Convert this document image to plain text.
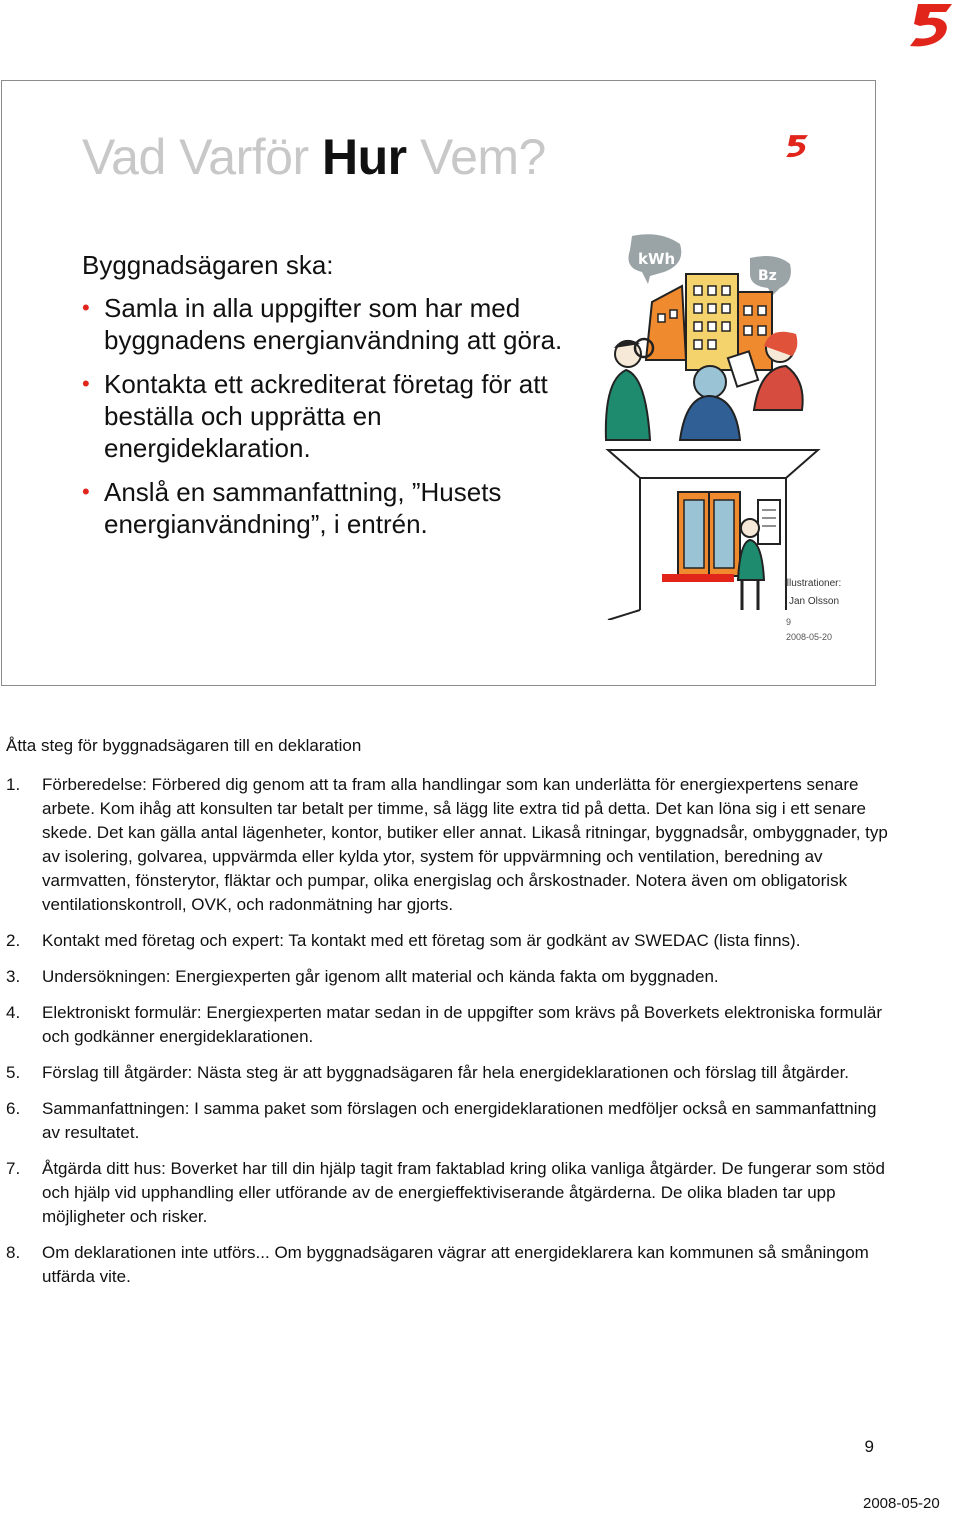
Vad Varför Hur Vem?
Byggnadsägaren ska:
• Samla in alla uppgifter som har med byggnadens energianvändning att göra.
• Kontakta ett ackrediterat företag för att beställa och upprätta en energideklaration.
• Anslå en sammanfattning, ”Husets energianvändning”, i entrén.
kWh
Bz
Illustrationer:
Jan Olsson
9
2008-05-20
Åtta steg för byggnadsägaren till en deklaration
1. Förberedelse: Förbered dig genom att ta fram alla handlingar som kan underlätta för energiexpertens senare arbete. Kom ihåg att konsulten tar betalt per timme, så lägg lite extra tid på detta. Det kan löna sig i ett senare skede. Det kan gälla antal lägenheter, kontor, butiker eller annat. Likaså ritningar, byggnadsår, ombyggnader, typ av isolering, golvarea, uppvärmda eller kylda ytor, system för uppvärmning och ventilation, beredning av varmvatten, fönsterytor, fläktar och pumpar, olika energislag och årskostnader. Notera även om obligatorisk ventilationskontroll, OVK, och radonmätning har gjorts.
2. Kontakt med företag och expert: Ta kontakt med ett företag som är godkänt av SWEDAC (lista finns).
3. Undersökningen: Energiexperten går igenom allt material och kända fakta om byggnaden.
4. Elektroniskt formulär: Energiexperten matar sedan in de uppgifter som krävs på Boverkets elektroniska formulär och godkänner energideklarationen.
5. Förslag till åtgärder: Nästa steg är att byggnadsägaren får hela energideklarationen och förslag till åtgärder.
6. Sammanfattningen: I samma paket som förslagen och energideklarationen medföljer också en sammanfattning av resultatet.
7. Åtgärda ditt hus: Boverket har till din hjälp tagit fram faktablad kring olika vanliga åtgärder. De fungerar som stöd och hjälp vid upphandling eller utförande av de energieffektiviserande åtgärderna. De olika bladen tar upp möjligheter och risker.
8. Om deklarationen inte utförs... Om byggnadsägaren vägrar att energideklarera kan kommunen så småningom utfärda vite.
9
2008-05-20
